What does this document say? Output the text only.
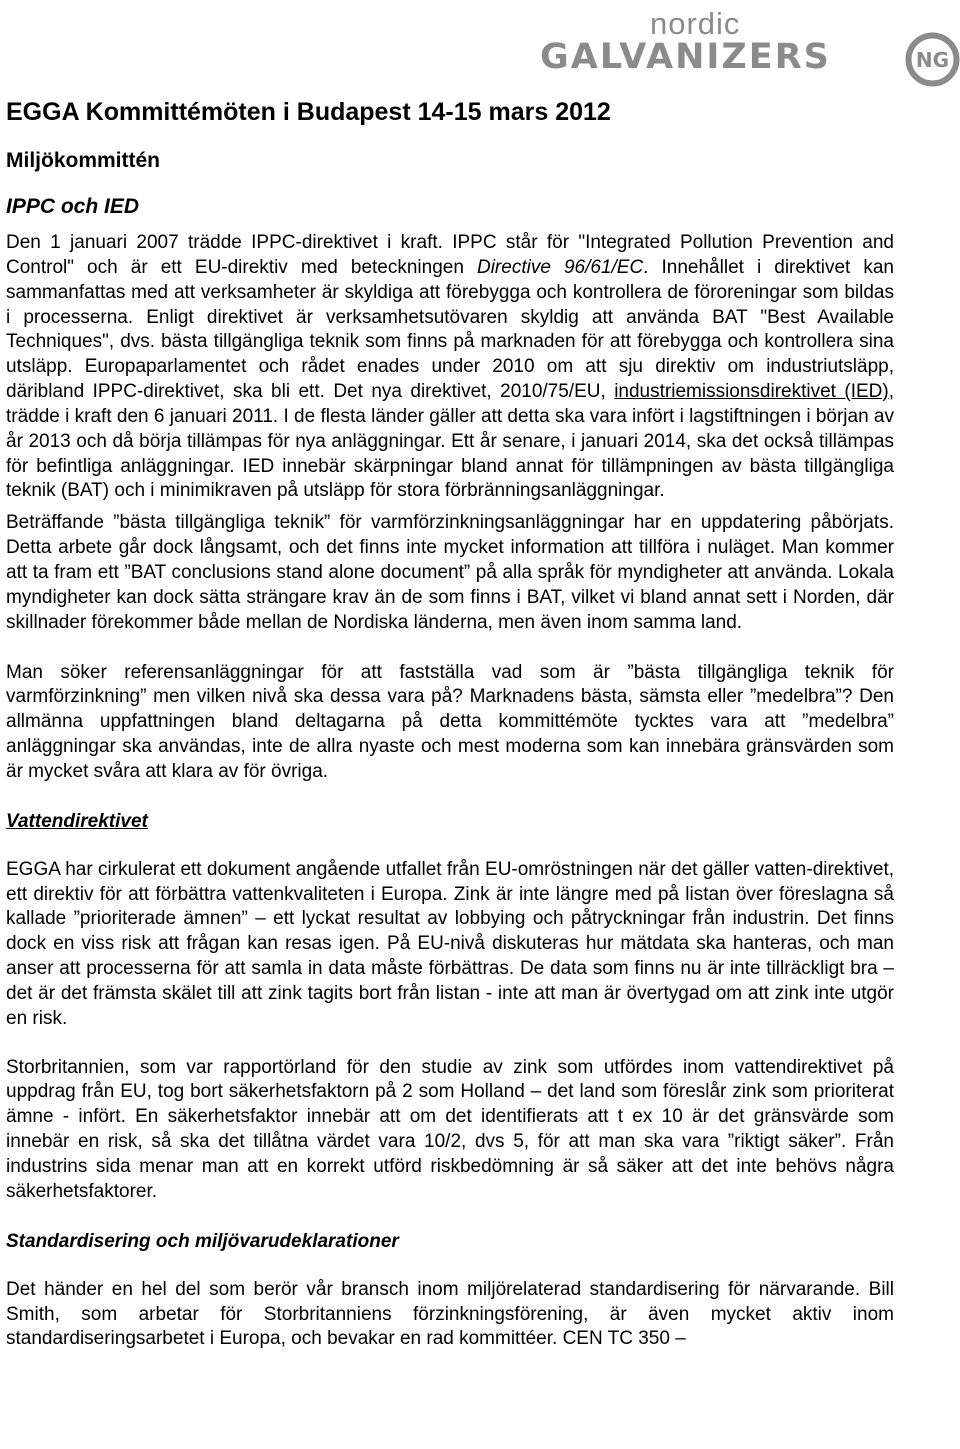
nordic
GALVANIZERS	NG
EGGA Kommittémöten i Budapest 14-15 mars 2012
Miljökommittén
IPPC och IED

Den 1 januari 2007 trädde IPPC-direktivet i kraft. IPPC står för "Integrated Pollution Prevention and Control" och är ett EU-direktiv med beteckningen Directive 96/61/EC. Innehållet i direktivet kan sammanfattas med att verksamheter är skyldiga att förebygga och kontrollera de föroreningar som bildas i processerna. Enligt direktivet är verksamhetsutövaren skyldig att använda BAT "Best Available Techniques", dvs. bästa tillgängliga teknik som finns på marknaden för att förebygga och kontrollera sina utsläpp. Europaparlamentet och rådet enades under 2010 om att sju direktiv om industriutsläpp, däribland IPPC-direktivet, ska bli ett. Det nya direktivet, 2010/75/EU, industriemissionsdirektivet (IED), trädde i kraft den 6 januari 2011. I de flesta länder gäller att detta ska vara infört i lagstiftningen i början av år 2013 och då börja tillämpas för nya anläggningar. Ett år senare, i januari 2014, ska det också tillämpas för befintliga anläggningar. IED innebär skärpningar bland annat för tillämpningen av bästa tillgängliga teknik (BAT) och i minimikraven på utsläpp för stora förbränningsanläggningar.

Beträffande ”bästa tillgängliga teknik” för varmförzinkningsanläggningar har en uppdatering påbörjats. Detta arbete går dock långsamt, och det finns inte mycket information att tillföra i nuläget. Man kommer att ta fram ett ”BAT conclusions stand alone document” på alla språk för myndigheter att använda. Lokala myndigheter kan dock sätta strängare krav än de som finns i BAT, vilket vi bland annat sett i Norden, där skillnader förekommer både mellan de Nordiska länderna, men även inom samma land.

Man söker referensanläggningar för att fastställa vad som är ”bästa tillgängliga teknik för varmförzinkning” men vilken nivå ska dessa vara på? Marknadens bästa, sämsta eller ”medelbra”? Den allmänna uppfattningen bland deltagarna på detta kommittémöte tycktes vara att ”medelbra” anläggningar ska användas, inte de allra nyaste och mest moderna som kan innebära gränsvärden som är mycket svåra att klara av för övriga.

Vattendirektivet

EGGA har cirkulerat ett dokument angående utfallet från EU-omröstningen när det gäller vatten-direktivet, ett direktiv för att förbättra vattenkvaliteten i Europa. Zink är inte längre med på listan över föreslagna så kallade ”prioriterade ämnen” – ett lyckat resultat av lobbying och påtryckningar från industrin. Det finns dock en viss risk att frågan kan resas igen. På EU-nivå diskuteras hur mätdata ska hanteras, och man anser att processerna för att samla in data måste förbättras. De data som finns nu är inte tillräckligt bra – det är det främsta skälet till att zink tagits bort från listan - inte att man är övertygad om att zink inte utgör en risk.

Storbritannien, som var rapportörland för den studie av zink som utfördes inom vattendirektivet på uppdrag från EU, tog bort säkerhetsfaktorn på 2 som Holland – det land som föreslår zink som prioriterat ämne - infört. En säkerhetsfaktor innebär att om det identifierats att t ex 10 är det gränsvärde som innebär en risk, så ska det tillåtna värdet vara 10/2, dvs 5, för att man ska vara ”riktigt säker”. Från industrins sida menar man att en korrekt utförd riskbedömning är så säker att det inte behövs några säkerhetsfaktorer.

Standardisering och miljövarudeklarationer

Det händer en hel del som berör vår bransch inom miljörelaterad standardisering för närvarande. Bill Smith, som arbetar för Storbritanniens förzinkningsförening, är även mycket aktiv inom standardiseringsarbetet i Europa, och bevakar en rad kommittéer. CEN TC 350 –
